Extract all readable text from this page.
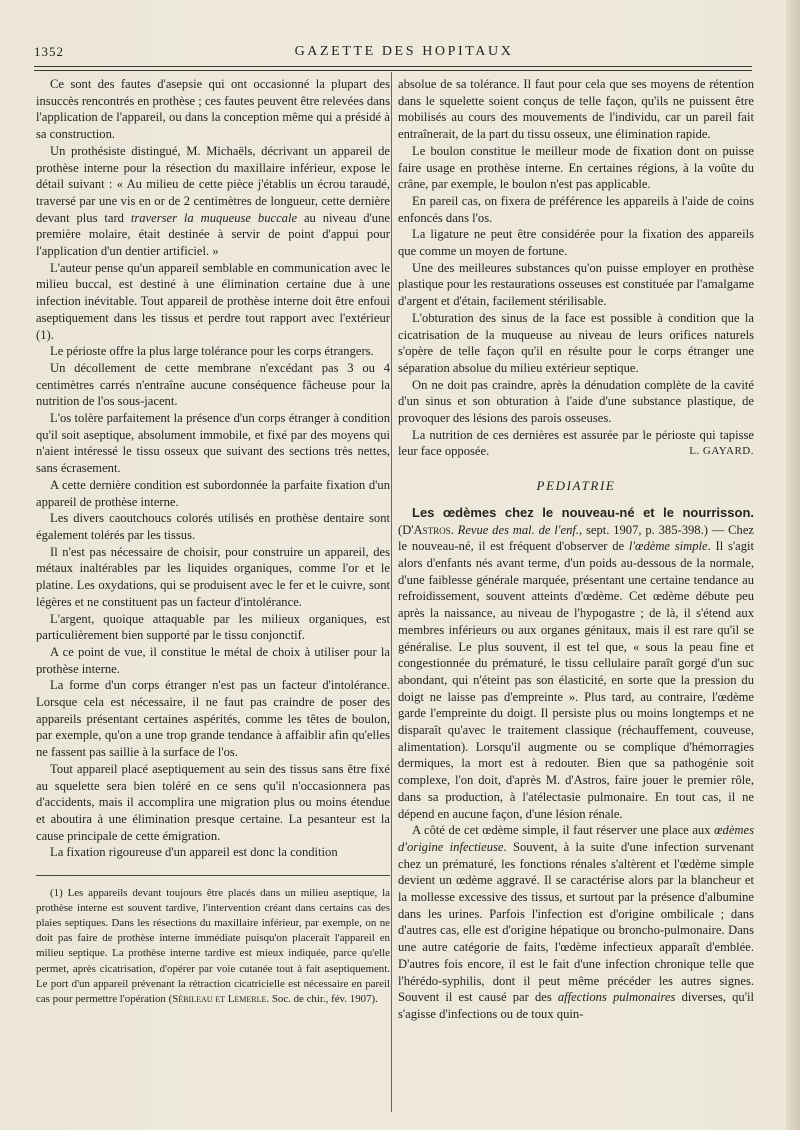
1352	GAZETTE DES HOPITAUX

Ce sont des fautes d'asepsie qui ont occasionné la plupart des insuccès rencontrés en prothèse ; ces fautes peuvent être relevées dans l'application de l'appareil, ou dans la conception même qui a présidé à sa construction.

Un prothésiste distingué, M. Michaëls, décrivant un appareil de prothèse interne pour la résection du maxillaire inférieur, expose le détail suivant : « Au milieu de cette pièce j'établis un écrou taraudé, traversé par une vis en or de 2 centimètres de longueur, cette dernière devant plus tard traverser la muqueuse buccale au niveau d'une première molaire, était destinée à servir de point d'appui pour l'application d'un dentier artificiel. »

L'auteur pense qu'un appareil semblable en communication avec le milieu buccal, est destiné à une élimination certaine due à une infection inévitable. Tout appareil de prothèse interne doit être enfoui aseptiquement dans les tissus et perdre tout rapport avec l'extérieur (1).

Le périoste offre la plus large tolérance pour les corps étrangers.

Un décollement de cette membrane n'excédant pas 3 ou 4 centimètres carrés n'entraîne aucune conséquence fâcheuse pour la nutrition de l'os sous-jacent.

L'os tolère parfaitement la présence d'un corps étranger à condition qu'il soit aseptique, absolument immobile, et fixé par des moyens qui n'aient intéressé le tissu osseux que suivant des sections très nettes, sans écrasement.

A cette dernière condition est subordonnée la parfaite fixation d'un appareil de prothèse interne.

Les divers caoutchoucs colorés utilisés en prothèse dentaire sont également tolérés par les tissus.

Il n'est pas nécessaire de choisir, pour construire un appareil, des métaux inaltérables par les liquides organiques, comme l'or et le platine. Les oxydations, qui se produisent avec le fer et le cuivre, sont légères et ne constituent pas un facteur d'intolérance.

L'argent, quoique attaquable par les milieux organiques, est particulièrement bien supporté par le tissu conjonctif.

A ce point de vue, il constitue le métal de choix à utiliser pour la prothèse interne.

La forme d'un corps étranger n'est pas un facteur d'intolérance. Lorsque cela est nécessaire, il ne faut pas craindre de poser des appareils présentant certaines aspérités, comme les têtes de boulon, par exemple, qu'on a une trop grande tendance à affaiblir afin qu'elles ne fassent pas saillie à la surface de l'os.

Tout appareil placé aseptiquement au sein des tissus sans être fixé au squelette sera bien toléré en ce sens qu'il n'occasionnera pas d'accidents, mais il accomplira une migration plus ou moins étendue et aboutira à une élimination presque certaine. La pesanteur est la cause principale de cette émigration.

La fixation rigoureuse d'un appareil est donc la condition

(1) Les appareils devant toujours être placés dans un milieu aseptique, la prothèse interne est souvent tardive, l'intervention créant dans certains cas des plaies septiques. Dans les résections du maxillaire inférieur, par exemple, on ne doit pas faire de prothèse interne immédiate puisqu'on placerait l'appareil en milieu septique. La prothèse interne tardive est mieux indiquée, parce qu'elle permet, après cicatrisation, d'opérer par voie cutanée tout à fait aseptiquement. Le port d'un appareil prévenant la rétraction cicatricielle est nécessaire en pareil cas pour permettre l'opération (Sébileau et Lemerle. Soc. de chir., fév. 1907).

absolue de sa tolérance. Il faut pour cela que ses moyens de rétention dans le squelette soient conçus de telle façon, qu'ils ne puissent être mobilisés au cours des mouvements de l'individu, car un pareil fait entraînerait, de la part du tissu osseux, une élimination rapide.

Le boulon constitue le meilleur mode de fixation dont on puisse faire usage en prothèse interne. En certaines régions, à la voûte du crâne, par exemple, le boulon n'est pas applicable.

En pareil cas, on fixera de préférence les appareils à l'aide de coins enfoncés dans l'os.

La ligature ne peut être considérée pour la fixation des appareils que comme un moyen de fortune.

Une des meilleures substances qu'on puisse employer en prothèse plastique pour les restaurations osseuses est constituée par l'amalgame d'argent et d'étain, facilement stérilisable.

L'obturation des sinus de la face est possible à condition que la cicatrisation de la muqueuse au niveau de leurs orifices naturels s'opère de telle façon qu'il en résulte pour le corps étranger une séparation absolue du milieu extérieur septique.

On ne doit pas craindre, après la dénudation complète de la cavité d'un sinus et son obturation à l'aide d'une substance plastique, de provoquer des lésions des parois osseuses.

La nutrition de ces dernières est assurée par le périoste qui tapisse leur face opposée.	L. GAYARD.

PEDIATRIE

Les œdèmes chez le nouveau-né et le nourrisson. (D'Astros. Revue des mal. de l'enf., sept. 1907, p. 385-398.) — Chez le nouveau-né, il est fréquent d'observer de l'œdème simple. Il s'agit alors d'enfants nés avant terme, d'un poids au-dessous de la normale, d'une faiblesse générale marquée, présentant une certaine tendance au refroidissement, souvent atteints d'œdème. Cet œdème débute peu après la naissance, au niveau de l'hypogastre ; de là, il s'étend aux membres inférieurs ou aux organes génitaux, mais il est rare qu'il se généralise. Le plus souvent, il est tel que, « sous la peau fine et congestionnée du prématuré, le tissu cellulaire paraît gorgé d'un suc abondant, qui n'éteint pas son élasticité, en sorte que la pression du doigt ne laisse pas d'empreinte ». Plus tard, au contraire, l'œdème garde l'empreinte du doigt. Il persiste plus ou moins longtemps et ne disparaît qu'avec le traitement classique (réchauffement, couveuse, alimentation). Lorsqu'il augmente ou se complique d'hémorragies dermiques, la mort est à redouter. Bien que sa pathogénie soit complexe, l'on doit, d'après M. d'Astros, faire jouer le premier rôle, dans sa production, à l'atélectasie pulmonaire. En tout cas, il ne dépend en aucune façon, d'une lésion rénale.

A côté de cet œdème simple, il faut réserver une place aux œdèmes d'origine infectieuse. Souvent, à la suite d'une infection survenant chez un prématuré, les fonctions rénales s'altèrent et l'œdème simple devient un œdème aggravé. Il se caractérise alors par la blancheur et la mollesse excessive des tissus, et surtout par la présence d'albumine dans les urines. Parfois l'infection est d'origine ombilicale ; dans d'autres cas, elle est d'origine hépatique ou broncho-pulmonaire. Dans une autre catégorie de faits, l'œdème infectieux apparaît d'emblée. D'autres fois encore, il est le fait d'une infection chronique telle que l'hérédo-syphilis, dont il peut même précéder les autres signes. Souvent il est causé par des affections pulmonaires diverses, qu'il s'agisse d'infections ou de toux quin-
